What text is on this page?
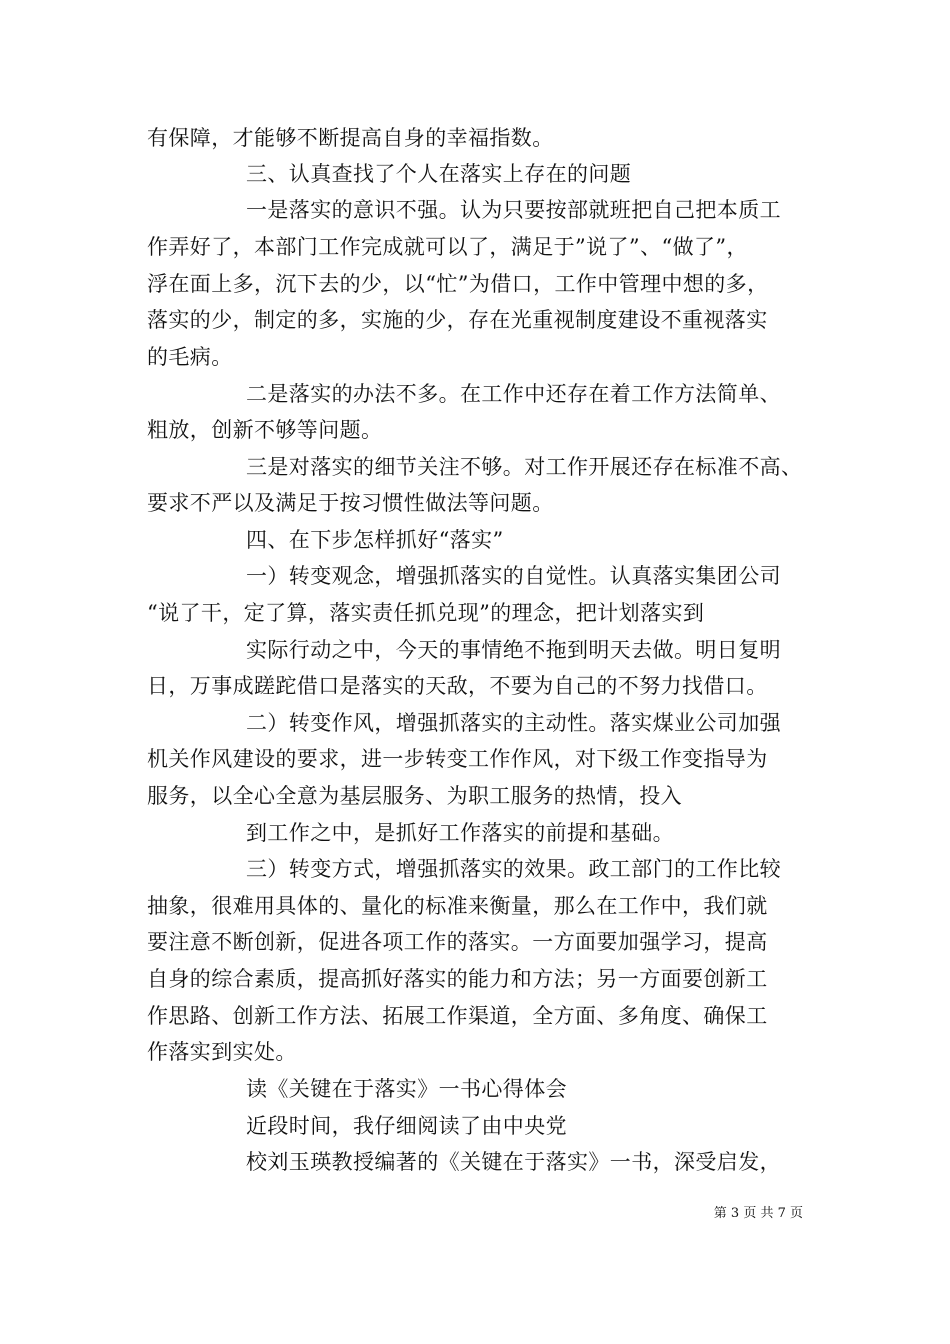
有保障，才能够不断提高自身的幸福指数。
三、认真查找了个人在落实上存在的问题
一是落实的意识不强。认为只要按部就班把自己把本质工
作弄好了，本部门工作完成就可以了，满足于”说了”、“做了”，
浮在面上多，沉下去的少，以“忙”为借口，工作中管理中想的多，
落实的少，制定的多，实施的少，存在光重视制度建设不重视落实
的毛病。
二是落实的办法不多。在工作中还存在着工作方法简单、
粗放，创新不够等问题。
三是对落实的细节关注不够。对工作开展还存在标准不高、
要求不严以及满足于按习惯性做法等问题。
四、在下步怎样抓好“落实”
一）转变观念，增强抓落实的自觉性。认真落实集团公司
“说了干，定了算，落实责任抓兑现”的理念，把计划落实到
实际行动之中，今天的事情绝不拖到明天去做。明日复明
日，万事成蹉跎借口是落实的天敌，不要为自己的不努力找借口。
二）转变作风，增强抓落实的主动性。落实煤业公司加强
机关作风建设的要求，进一步转变工作作风，对下级工作变指导为
服务，以全心全意为基层服务、为职工服务的热情，投入
到工作之中，是抓好工作落实的前提和基础。
三）转变方式，增强抓落实的效果。政工部门的工作比较
抽象，很难用具体的、量化的标准来衡量，那么在工作中，我们就
要注意不断创新，促进各项工作的落实。一方面要加强学习，提高
自身的综合素质，提高抓好落实的能力和方法；另一方面要创新工
作思路、创新工作方法、拓展工作渠道，全方面、多角度、确保工
作落实到实处。
读《关键在于落实》一书心得体会
近段时间，我仔细阅读了由中央党
校刘玉瑛教授编著的《关键在于落实》一书，深受启发，
第 3 页 共 7 页
